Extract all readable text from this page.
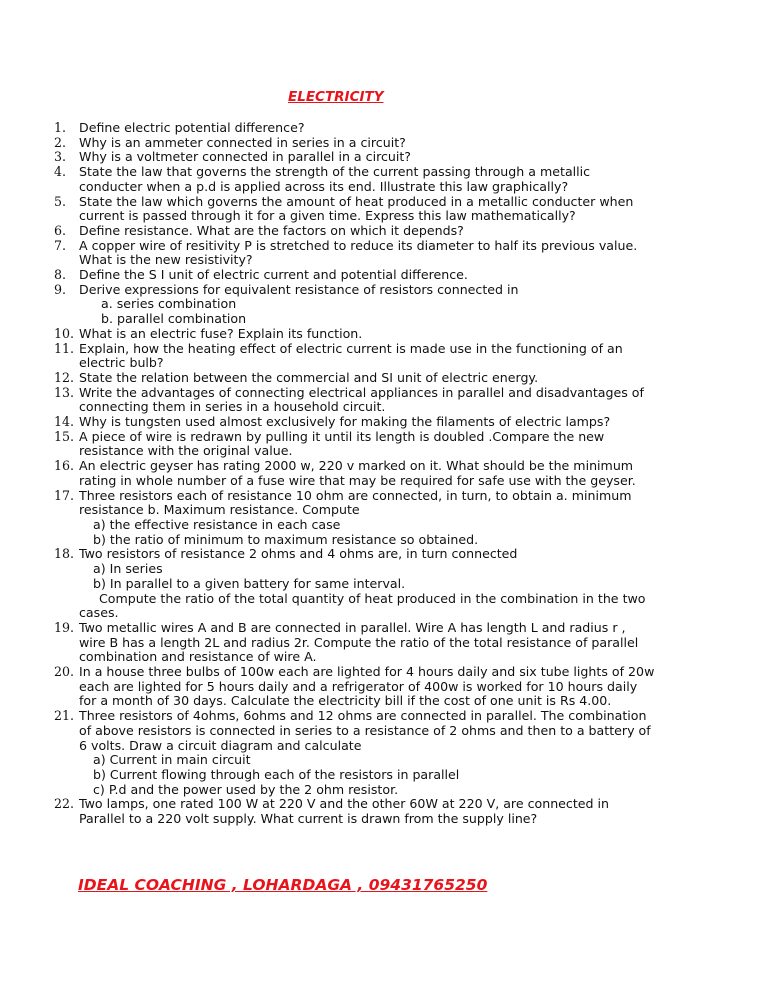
ELECTRICITY

1. Define electric potential difference?
2. Why is an ammeter connected in series in a circuit?
3. Why is a voltmeter connected in parallel in a circuit?
4. State the law that governs the strength of the current passing through a metallic
conducter when a p.d is applied across its end. Illustrate this law graphically?
5. State the law which governs the amount of heat produced in a metallic conducter when
current is passed through it for a given time. Express this law mathematically?
6. Define resistance. What are the factors on which it depends?
7. A copper wire of resitivity P is stretched to reduce its diameter to half its previous value.
What is the new resistivity?
8. Define the S I unit of electric current and potential difference.
9. Derive expressions for equivalent resistance of resistors connected in
a. series combination
b. parallel combination
10. What is an electric fuse? Explain its function.
11. Explain, how the heating effect of electric current is made use in the functioning of an
electric bulb?
12. State the relation between the commercial and SI unit of electric energy.
13. Write the advantages of connecting electrical appliances in parallel and disadvantages of
connecting them in series in a household circuit.
14. Why is tungsten used almost exclusively for making the filaments of electric lamps?
15. A piece of wire is redrawn by pulling it until its length is doubled .Compare the new
resistance with the original value.
16. An electric geyser has rating 2000 w, 220 v marked on it. What should be the minimum
rating in whole number of a fuse wire that may be required for safe use with the geyser.
17. Three resistors each of resistance 10 ohm are connected, in turn, to obtain a. minimum
resistance b. Maximum resistance. Compute
a) the effective resistance in each case
b) the ratio of minimum to maximum resistance so obtained.
18. Two resistors of resistance 2 ohms and 4 ohms are, in turn connected
a) In series
b) In parallel to a given battery for same interval.
Compute the ratio of the total quantity of heat produced in the combination in the two
cases.
19. Two metallic wires A and B are connected in parallel. Wire A has length L and radius r ,
wire B has a length 2L and radius 2r. Compute the ratio of the total resistance of parallel
combination and resistance of wire A.
20. In a house three bulbs of 100w each are lighted for 4 hours daily and six tube lights of 20w
each are lighted for 5 hours daily and a refrigerator of 400w is worked for 10 hours daily
for a month of 30 days. Calculate the electricity bill if the cost of one unit is Rs 4.00.
21. Three resistors of 4ohms, 6ohms and 12 ohms are connected in parallel. The combination
of above resistors is connected in series to a resistance of 2 ohms and then to a battery of
6 volts. Draw a circuit diagram and calculate
a) Current in main circuit
b) Current flowing through each of the resistors in parallel
c) P.d and the power used by the 2 ohm resistor.
22. Two lamps, one rated 100 W at 220 V and the other 60W at 220 V, are connected in
Parallel to a 220 volt supply. What current is drawn from the supply line?

IDEAL COACHING , LOHARDAGA , 09431765250
